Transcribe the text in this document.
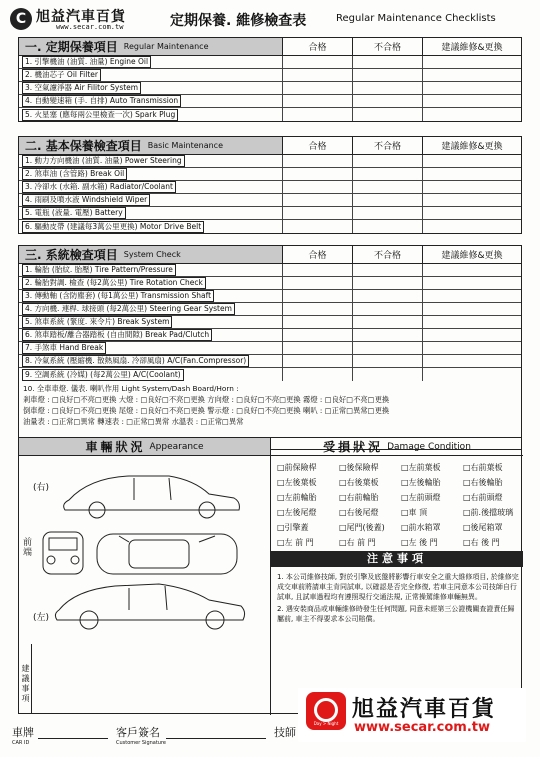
C 旭益汽車百貨
www.secar.com.tw	定期保養. 維修檢查表	Regular Maintenance Checklists
一. 定期保養項目 Regular Maintenance	合格	不合格	建議維修&更換
1. 引擎機油 (油質. 油量) Engine Oil
2. 機油芯子 Oil Filter
3. 空氣濾淨器 Air Filitor System
4. 自動變速箱 (手. 自排) Auto Transmission
5. 火星塞 (應每兩公里檢查一次) Spark Plug
二. 基本保養檢查項目 Basic Maintenance	合格	不合格	建議維修&更換
1. 動力方向機油 (油質. 油量) Power Steering
2. 煞車油 (含管路) Break Oil
3. 冷卻水 (水箱. 副水箱) Radiator/Coolant
4. 雨刷及噴水液 Windshield Wiper
5. 電瓶 (液量. 電壓) Battery
6. 驅動皮帶 (建議每3萬公里更換) Motor Drive Belt
三. 系統檢查項目 System Check	合格	不合格	建議維修&更換
1. 輪胎 (胎紋. 胎壓) Tire Pattern/Pressure
2. 輪胎對調. 檢查 (每2萬公里) Tire Rotation Check
3. 傳動軸 (含防塵套) (每1萬公里) Transmission Shaft
4. 方向機. 連桿. 球接頭 (每2萬公里) Steering Gear System
5. 煞車系統 (緊度. 來令片) Break System
6. 煞車踏板/離合器踏板 (自由間隙) Break Pad/Clutch
7. 手煞車 Hand Break
8. 冷氣系統 (壓縮機. 散熱風扇. 冷卻風扇) A/C(Fan.Compressor)
9. 空調系統 (冷媒) (每2萬公里) A/C(Coolant)
10. 全車車燈. 儀表. 喇叭作用 Light System/Dash Board/Horn :
剎車燈 : □良好□不亮□更換 大燈 : □良好□不亮□更換 方向燈 : □良好□不亮□更換 霧燈 : □良好□不亮□更換
倒車燈 : □良好□不亮□更換 尾燈 : □良好□不亮□更換 警示燈 : □良好□不亮□更換 喇叭 : □正常□異常□更換
油量表 : □正常□異常 轉速表 : □正常□異常 水溫表 : □正常□異常
車輛狀況 Appearance
(右)
前端
(左)
受損狀況 Damage Condition
□前保險桿	□後保險桿	□左前葉板	□右前葉板
□左後葉板	□右後葉板	□左後輪胎	□右後輪胎
□左前輪胎	□右前輪胎	□左前頭燈	□右前頭燈
□左後尾燈	□右後尾燈	□車 頂	□前.後擋玻璃
□引擎蓋	□尾門(後蓋)	□前水箱罩	□後尾箱罩
□左 前 門	□右 前 門	□左 後 門	□右 後 門
注意事項

1. 本公司維修技師, 對於引擎及底盤將影響行車安全之重大維修項目, 於維修完成交車前將請車主肯同試車, 以確認是否完全修復, 若車主同意本公司技師自行試車, 且試車過程均有遵照現行交通法規, 正常操駕維修車輛無異。

2. 遇安裝商品或車輛維修時發生任何問題, 同意未經第三公證機關查證責任歸屬前, 車主不得要求本公司賠償。

建議事項
車牌
CAR ID
客戶簽名
Customer Signature
技師
Day > Night
旭益汽車百貨
www.secar.com.tw
